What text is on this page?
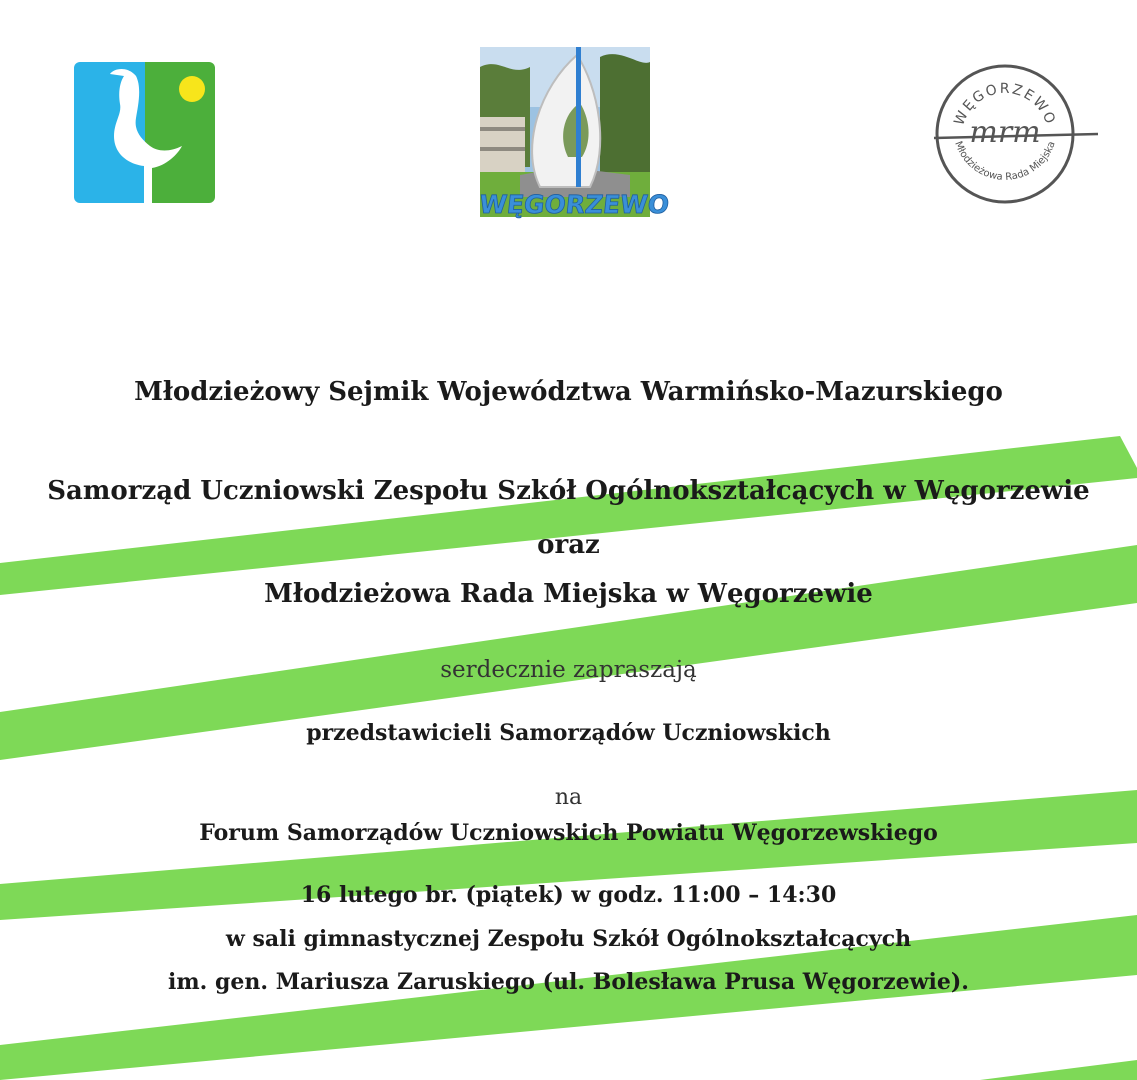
WĘGORZEWO
WĘGORZEWO
mrm
Młodzieżowa Rada Miejska

Młodzieżowy Sejmik Województwa Warmińsko-Mazurskiego

Samorząd Uczniowski Zespołu Szkół Ogólnokształcących w Węgorzewie

oraz

Młodzieżowa Rada Miejska w Węgorzewie

serdecznie zapraszają

przedstawicieli Samorządów Uczniowskich

na

Forum Samorządów Uczniowskich Powiatu Węgorzewskiego

16 lutego br. (piątek) w godz. 11:00 – 14:30

w sali gimnastycznej Zespołu Szkół Ogólnokształcących

im. gen. Mariusza Zaruskiego (ul. Bolesława Prusa Węgorzewie).
